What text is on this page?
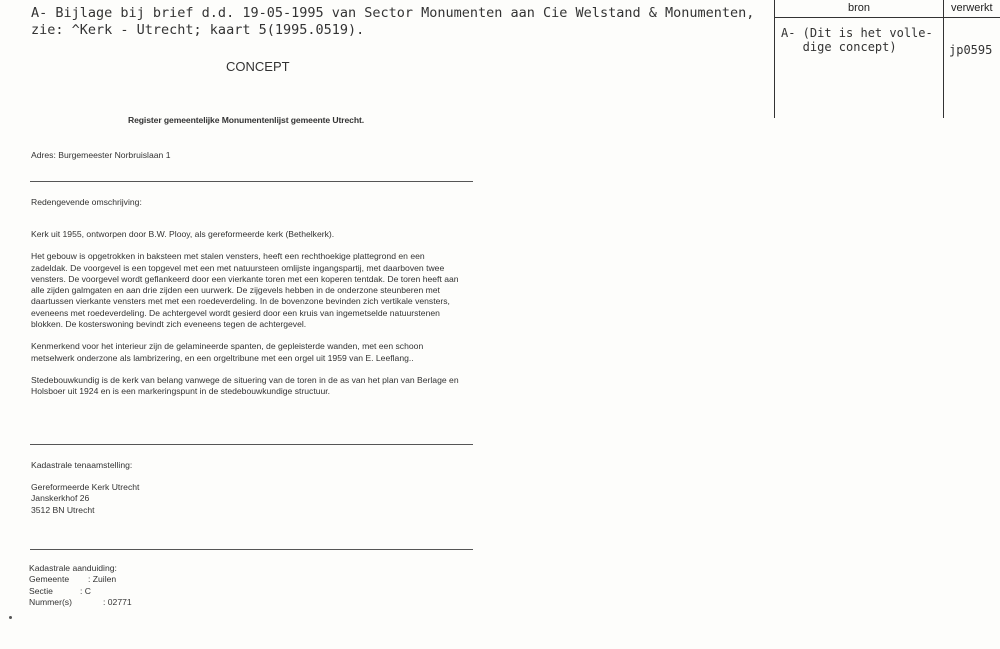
A- Bijlage bij brief d.d. 19-05-1995 van Sector Monumenten aan Cie Welstand & Monumenten,
zie: ^Kerk - Utrecht; kaart 5(1995.0519).
bron	verwerkt
A- (Dit is het volle-
dige concept)	jp0595
CONCEPT
Register gemeentelijke Monumentenlijst gemeente Utrecht.
Adres: Burgemeester Norbruislaan 1
Redengevende omschrijving:

Kerk uit 1955, ontworpen door B.W. Plooy, als gereformeerde kerk (Bethelkerk).

Het gebouw is opgetrokken in baksteen met stalen vensters, heeft een rechthoekige plattegrond en een zadeldak. De voorgevel is een topgevel met een met natuursteen omlijste ingangspartij, met daarboven twee vensters. De voorgevel wordt geflankeerd door een vierkante toren met een koperen tentdak. De toren heeft aan alle zijden galmgaten en aan drie zijden een uurwerk. De zijgevels hebben in de onderzone steunberen met daartussen vierkante vensters met met een roedeverdeling. In de bovenzone bevinden zich vertikale vensters, eveneens met roedeverdeling. De achtergevel wordt gesierd door een kruis van ingemetselde natuurstenen blokken. De kosterswoning bevindt zich eveneens tegen de achtergevel.

Kenmerkend voor het interieur zijn de gelamineerde spanten, de gepleisterde wanden, met een schoon metselwerk onderzone als lambrizering, en een orgeltribune met een orgel uit 1959 van E. Leeflang..

Stedebouwkundig is de kerk van belang vanwege de situering van de toren in de as van het plan van Berlage en Holsboer uit 1924 en is een markeringspunt in de stedebouwkundige structuur.

Kadastrale tenaamstelling:
Gereformeerde Kerk Utrecht
Janskerkhof 26
3512 BN Utrecht
Kadastrale aanduiding:
Gemeente : Zuilen
Sectie	: C
Nummer(s)	: 02771
